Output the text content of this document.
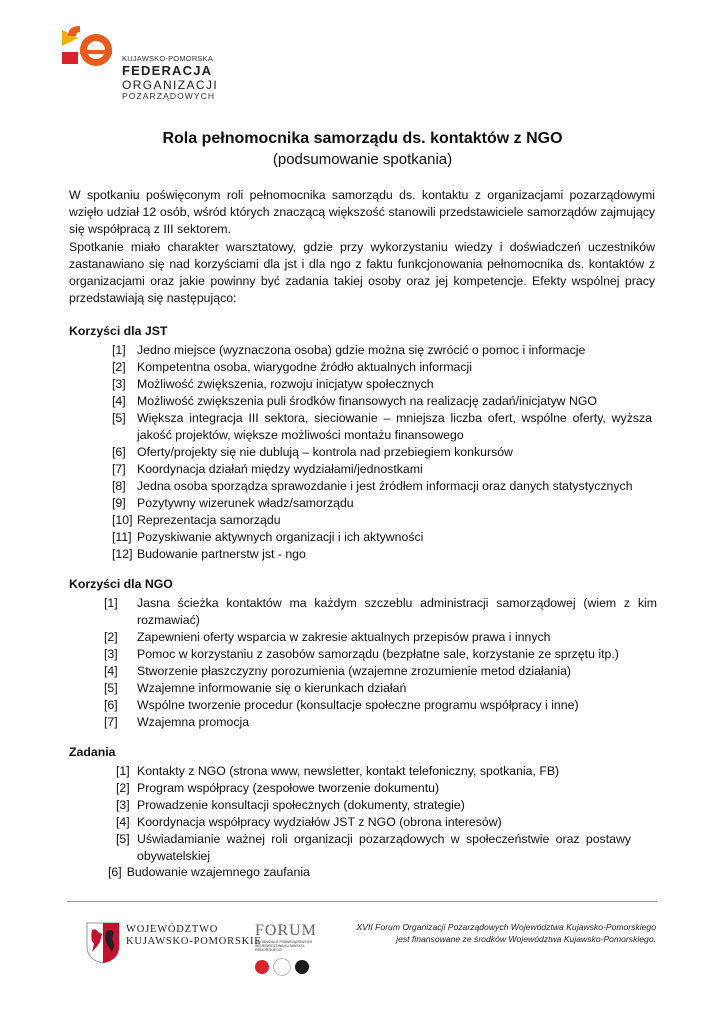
KUJAWSKO-POMORSKA
FEDERACJA
ORGANIZACJI
POZARZĄDOWYCH
Rola pełnomocnika samorządu ds. kontaktów z NGO
(podsumowanie spotkania)
W spotkaniu poświęconym roli pełnomocnika samorządu ds. kontaktu z organizacjami pozarządowymi wzięło udział 12 osób, wśród których znaczącą większość stanowili przedstawiciele samorządów zajmujący się współpracą z III sektorem.
Spotkanie miało charakter warsztatowy, gdzie przy wykorzystaniu wiedzy i doświadczeń uczestników zastanawiano się nad korzyściami dla jst i dla ngo z faktu funkcjonowania pełnomocnika ds. kontaktów z organizacjami oraz jakie powinny być zadania takiej osoby oraz jej kompetencje. Efekty wspólnej pracy przedstawiają się następująco:
Korzyści dla JST
[1] Jedno miejsce (wyznaczona osoba) gdzie można się zwrócić o pomoc i informacje
[2] Kompetentna osoba, wiarygodne źródło aktualnych informacji
[3] Możliwość zwiększenia, rozwoju inicjatyw społecznych
[4] Możliwość zwiększenia puli środków finansowych na realizację zadań/inicjatyw NGO
[5] Większa integracja III sektora, sieciowanie – mniejsza liczba ofert, wspólne oferty, wyższa jakość projektów, większe możliwości montażu finansowego
[6] Oferty/projekty się nie dublują – kontrola nad przebiegiem konkursów
[7] Koordynacja działań między wydziałami/jednostkami
[8] Jedna osoba sporządza sprawozdanie i jest źródłem informacji oraz danych statystycznych
[9] Pozytywny wizerunek władz/samorządu
[10] Reprezentacja samorządu
[11] Pozyskiwanie aktywnych organizacji i ich aktywności
[12] Budowanie partnerstw jst - ngo
Korzyści dla NGO
[1] Jasna ścieżka kontaktów ma każdym szczeblu administracji samorządowej (wiem z kim rozmawiać)
[2] Zapewnieni oferty wsparcia w zakresie aktualnych przepisów prawa i innych
[3] Pomoc w korzystaniu z zasobów samorządu (bezpłatne sale, korzystanie ze sprzętu itp.)
[4] Stworzenie płaszczyzny porozumienia (wzajemne zrozumienie metod działania)
[5] Wzajemne informowanie się o kierunkach działań
[6] Wspólne tworzenie procedur (konsultacje społeczne programu współpracy i inne)
[7] Wzajemna promocja
Zadania
[1] Kontakty z NGO (strona www, newsletter, kontakt telefoniczny, spotkania, FB)
[2] Program współpracy (zespołowe tworzenie dokumentu)
[3] Prowadzenie konsultacji społecznych (dokumenty, strategie)
[4] Koordynacja współpracy wydziałów JST z NGO (obrona interesów)
[5] Uświadamianie ważnej roli organizacji pozarządowych w społeczeństwie oraz postawy obywatelskiej
[6] Budowanie wzajemnego zaufania
WOJEWÓDZTWO
KUJAWSKO-POMORSKIE
FORUM
ORGANIZACJI POZARZĄDOWYCH
WOJEWÓDZTWA KUJAWSKO-POMORSKIEGO
XVII Forum Organizacji Pozarządowych Województwa Kujawsko-Pomorskiego
jest finansowane ze środków Województwa Kujawsko-Pomorskiego.
